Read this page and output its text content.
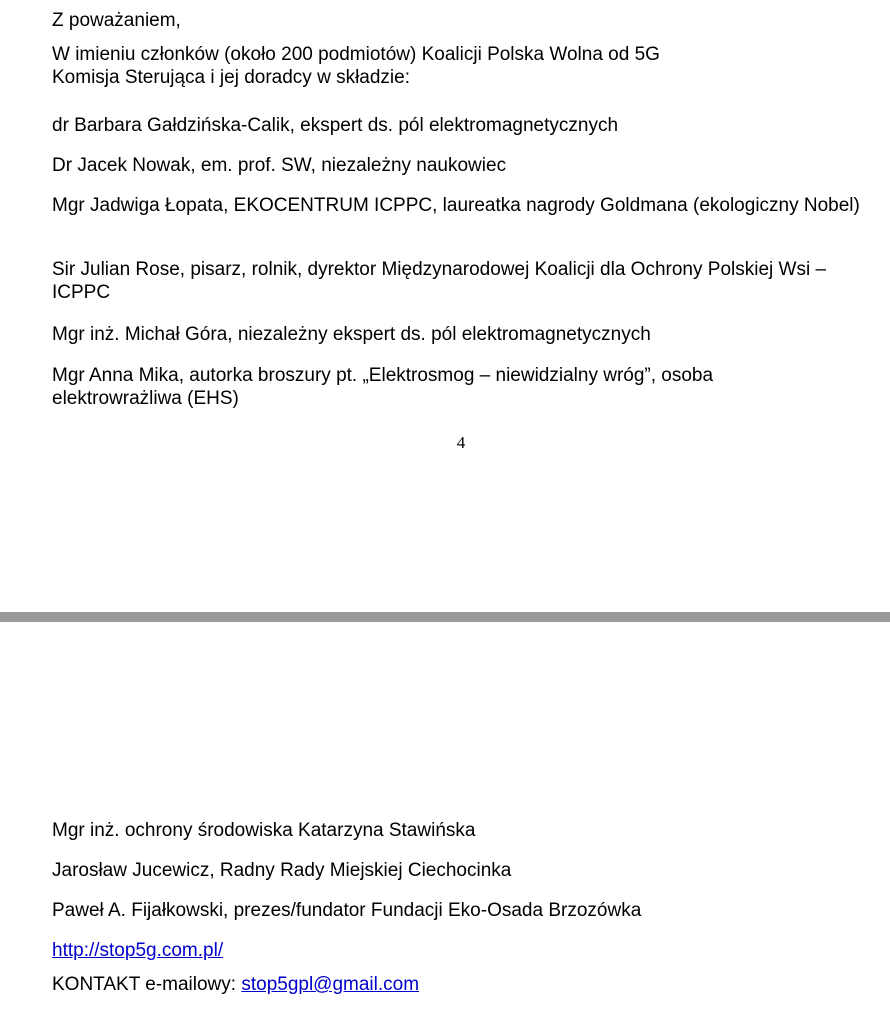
Z poważaniem,
W imieniu członków (około 200 podmiotów) Koalicji Polska Wolna od 5G
Komisja Sterująca i jej doradcy w składzie:
dr Barbara Gałdzińska-Calik, ekspert ds. pól elektromagnetycznych
Dr Jacek Nowak, em. prof. SW, niezależny naukowiec
Mgr Jadwiga Łopata, EKOCENTRUM ICPPC, laureatka nagrody Goldmana (ekologiczny Nobel)
Sir Julian Rose, pisarz, rolnik, dyrektor Międzynarodowej Koalicji dla Ochrony Polskiej Wsi –ICPPC
Mgr inż. Michał Góra, niezależny ekspert ds. pól elektromagnetycznych
Mgr Anna Mika, autorka broszury pt. „Elektrosmog – niewidzialny wróg”, osoba elektrowrażliwa (EHS)
4
Mgr inż. ochrony środowiska Katarzyna Stawińska
Jarosław Jucewicz, Radny Rady Miejskiej Ciechocinka
Paweł A. Fijałkowski, prezes/fundator Fundacji Eko-Osada Brzozówka
http://stop5g.com.pl/
KONTAKT e-mailowy: stop5gpl@gmail.com
